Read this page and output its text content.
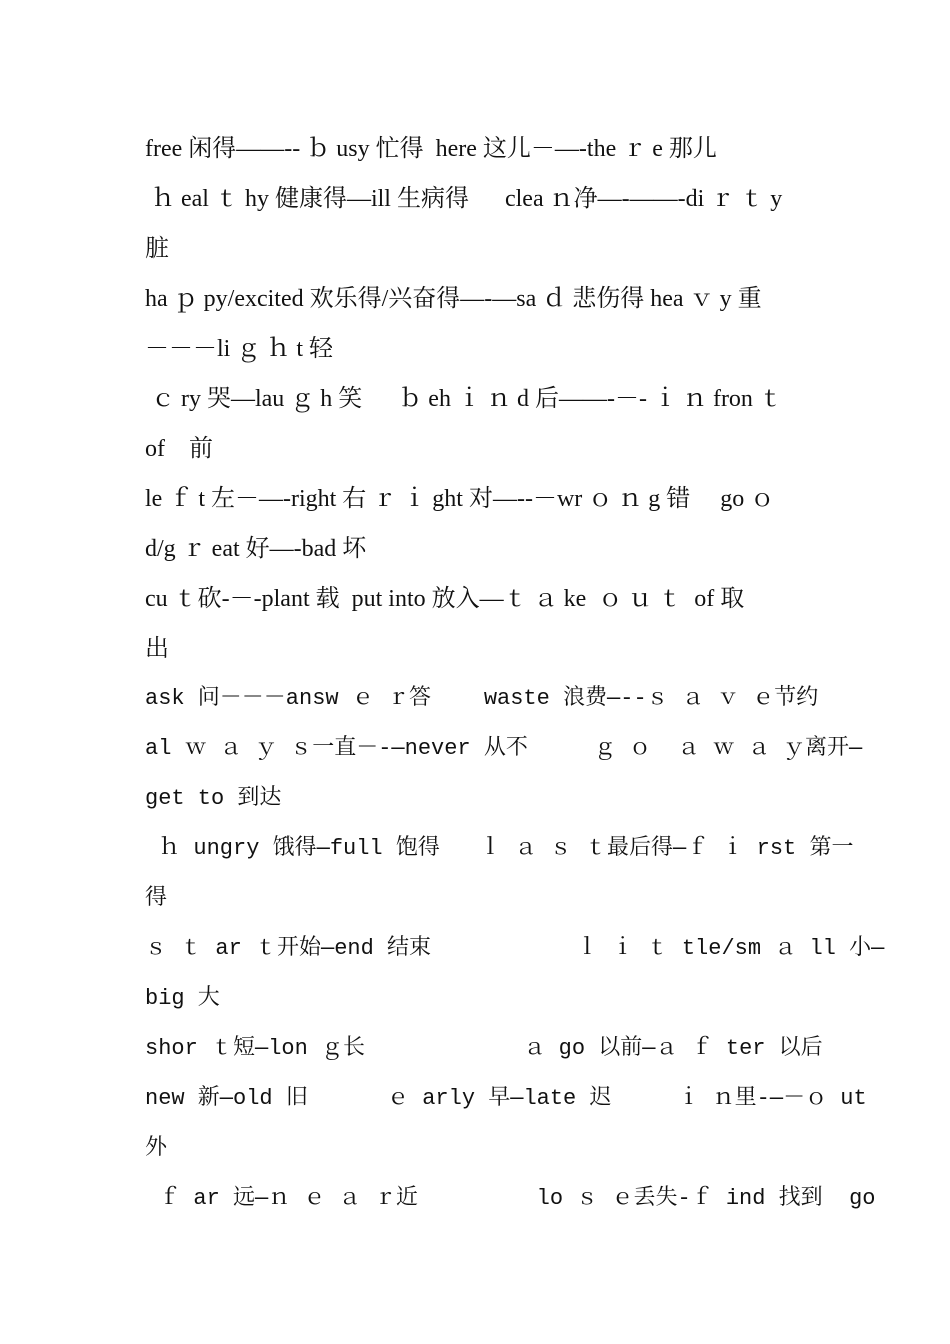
free 闲得——-- ｂ usy 忙得  here 这儿－—-the ｒ e 那儿
ｈ eal ｔ hy 健康得—ill 生病得      clea ｎ净—-——-di ｒ ｔ y
脏
ha ｐ py/excited 欢乐得/兴奋得—-—sa ｄ 悲伤得 hea ｖ y 重
－－－li ｇ ｈ t 轻
ｃ ry 哭—lau ｇ h 笑      ｂ eh ｉ ｎ d 后——-－- ｉ ｎ fron ｔ
of    前
le ｆ t 左－—-right 右 ｒ ｉ ght 对—--－wr ｏ ｎ g 错     go ｏ
d/g ｒ eat 好—-bad 坏
cu ｔ砍-－-plant 载  put into 放入—ｔ ａ ke  ｏ ｕ ｔ  of 取
出
ask 问－－－answ ｅ ｒ答    waste 浪费—--ｓ ａ ｖ ｅ节约
al ｗ ａ ｙ ｓ一直－-—never 从不     ｇ ｏ  ａ ｗ ａ ｙ离开—
get to 到达
ｈ ungry 饿得—full 饱得   ｌ ａ ｓ ｔ最后得—ｆ ｉ rst 第一
得
ｓ ｔ ar ｔ开始—end 结束           ｌ ｉ ｔ tle/sm ａ ll 小—
big 大
shor ｔ短—lon ｇ长            ａ go 以前—ａ ｆ ter 以后
new 新—old 旧      ｅ arly 早—late 迟     ｉ ｎ里-—－ｏ ut
外
ｆ ar 远—ｎ ｅ ａ ｒ近         lo ｓ ｅ丢失-ｆ ind 找到  go
